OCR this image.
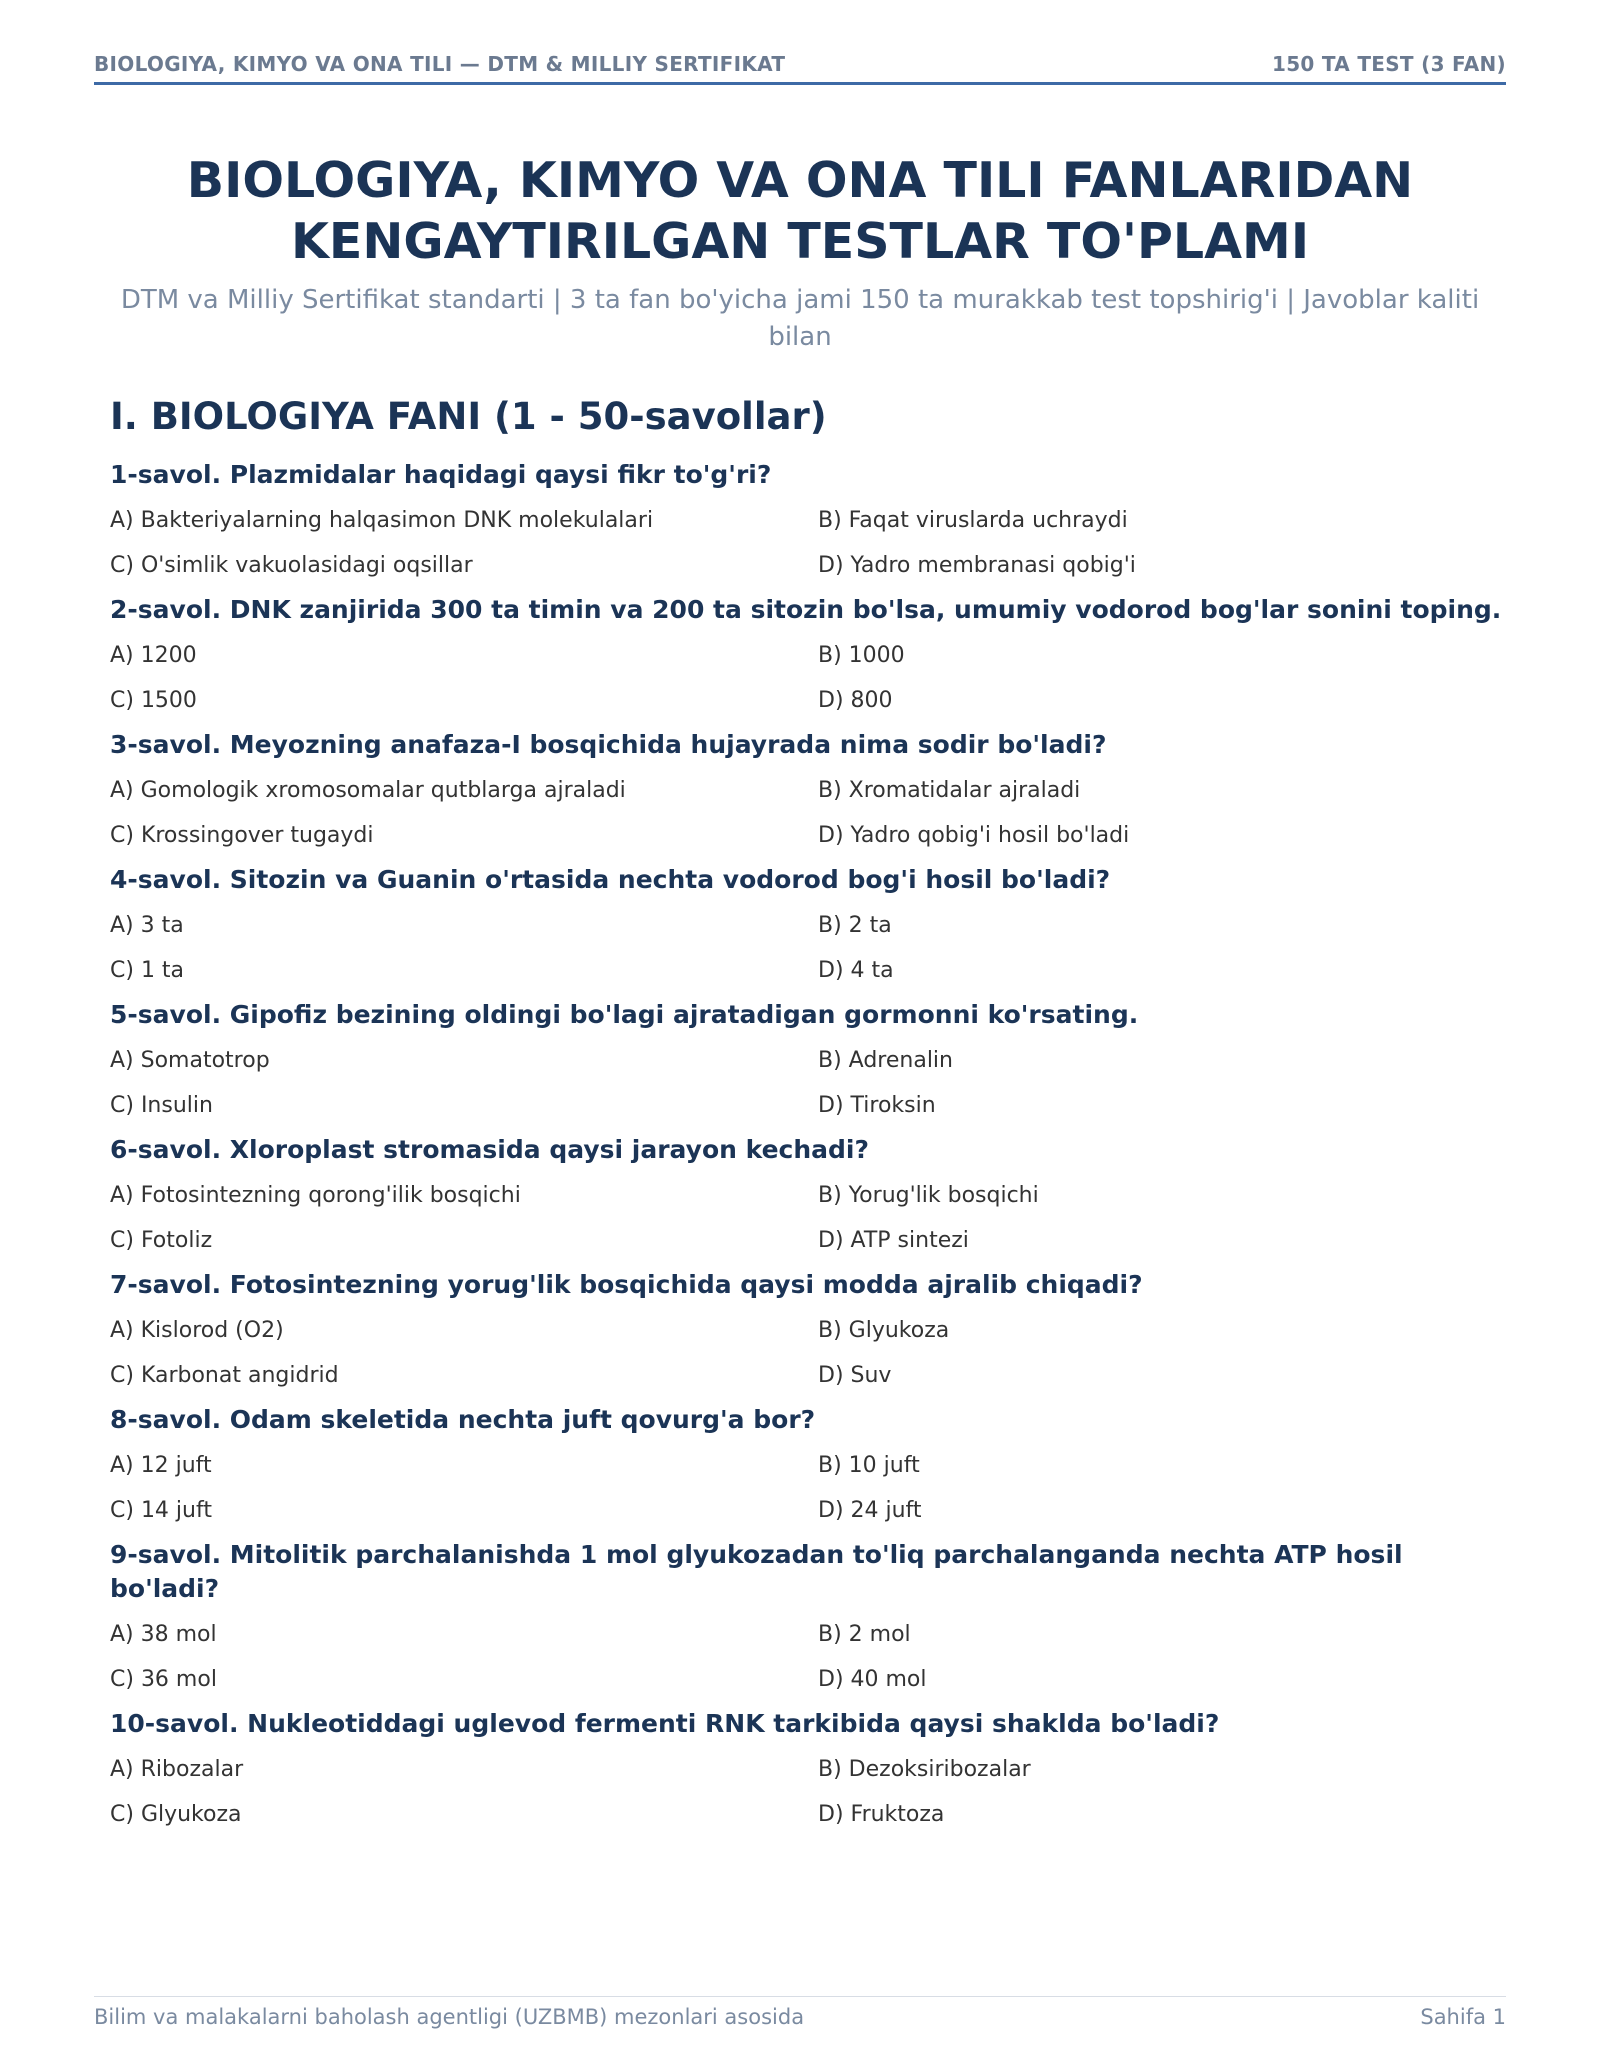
BIOLOGIYA, KIMYO VA ONA TILI — DTM & MILLIY SERTIFIKAT	150 TA TEST (3 FAN)
BIOLOGIYA, KIMYO VA ONA TILI FANLARIDAN
KENGAYTIRILGAN TESTLAR TO'PLAMI
DTM va Milliy Sertifikat standarti | 3 ta fan bo'yicha jami 150 ta murakkab test topshirig'i | Javoblar kaliti bilan
I. BIOLOGIYA FANI (1 - 50-savollar)
1-savol. Plazmidalar haqidagi qaysi fikr to'g'ri?
A) Bakteriyalarning halqasimon DNK molekulalari	B) Faqat viruslarda uchraydi
C) O'simlik vakuolasidagi oqsillar	D) Yadro membranasi qobig'i
2-savol. DNK zanjirida 300 ta timin va 200 ta sitozin bo'lsa, umumiy vodorod bog'lar sonini toping.
A) 1200	B) 1000
C) 1500	D) 800
3-savol. Meyozning anafaza-I bosqichida hujayrada nima sodir bo'ladi?
A) Gomologik xromosomalar qutblarga ajraladi	B) Xromatidalar ajraladi
C) Krossingover tugaydi	D) Yadro qobig'i hosil bo'ladi
4-savol. Sitozin va Guanin o'rtasida nechta vodorod bog'i hosil bo'ladi?
A) 3 ta	B) 2 ta
C) 1 ta	D) 4 ta
5-savol. Gipofiz bezining oldingi bo'lagi ajratadigan gormonni ko'rsating.
A) Somatotrop	B) Adrenalin
C) Insulin	D) Tiroksin
6-savol. Xloroplast stromasida qaysi jarayon kechadi?
A) Fotosintezning qorong'ilik bosqichi	B) Yorug'lik bosqichi
C) Fotoliz	D) ATP sintezi
7-savol. Fotosintezning yorug'lik bosqichida qaysi modda ajralib chiqadi?
A) Kislorod (O2)	B) Glyukoza
C) Karbonat angidrid	D) Suv
8-savol. Odam skeletida nechta juft qovurg'a bor?
A) 12 juft	B) 10 juft
C) 14 juft	D) 24 juft
9-savol. Mitolitik parchalanishda 1 mol glyukozadan to'liq parchalanganda nechta ATP hosil bo'ladi?
A) 38 mol	B) 2 mol
C) 36 mol	D) 40 mol
10-savol. Nukleotiddagi uglevod fermenti RNK tarkibida qaysi shaklda bo'ladi?
A) Ribozalar	B) Dezoksiribozalar
C) Glyukoza	D) Fruktoza
Bilim va malakalarni baholash agentligi (UZBMB) mezonlari asosida	Sahifa 1
